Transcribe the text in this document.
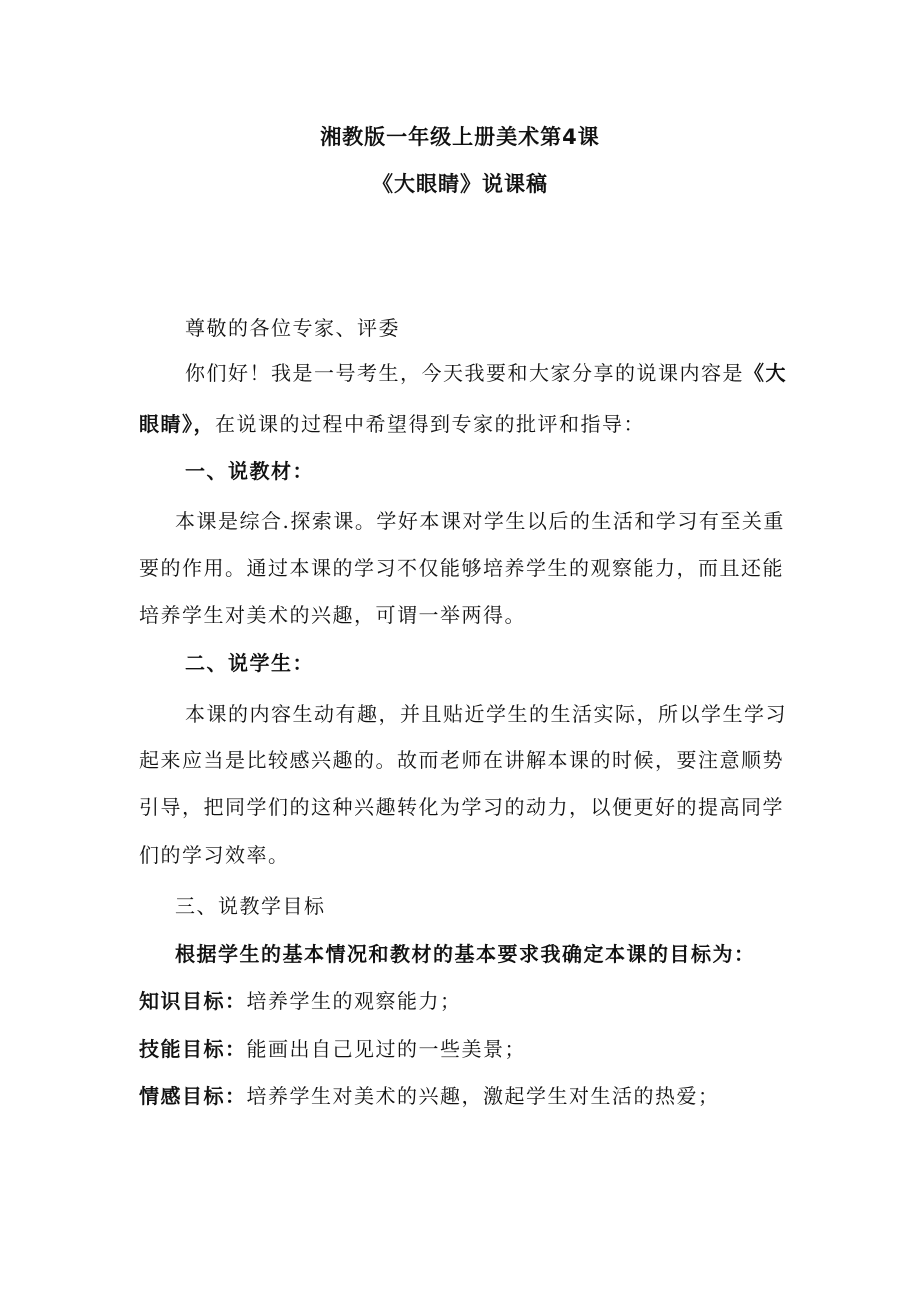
湘教版一年级上册美术第4课
《大眼睛》说课稿
尊敬的各位专家、评委
你们好！我是一号考生，今天我要和大家分享的说课内容是《大
眼睛》，在说课的过程中希望得到专家的批评和指导：
一、说教材：
本课是综合.探索课。学好本课对学生以后的生活和学习有至关重
要的作用。通过本课的学习不仅能够培养学生的观察能力，而且还能
培养学生对美术的兴趣，可谓一举两得。
二、说学生：
本课的内容生动有趣，并且贴近学生的生活实际，所以学生学习
起来应当是比较感兴趣的。故而老师在讲解本课的时候，要注意顺势
引导，把同学们的这种兴趣转化为学习的动力，以便更好的提高同学
们的学习效率。
三、说教学目标
根据学生的基本情况和教材的基本要求我确定本课的目标为：
知识目标：培养学生的观察能力；
技能目标：能画出自己见过的一些美景；
情感目标：培养学生对美术的兴趣，激起学生对生活的热爱；
